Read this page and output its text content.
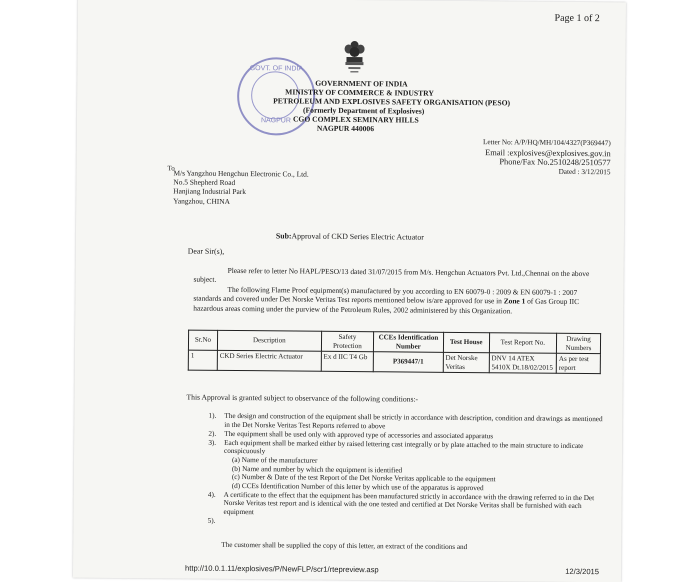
Page 1 of 2
GOVT. OF INDIA
NAGPUR
GOVERNMENT OF INDIA
MINISTRY OF COMMERCE & INDUSTRY
PETROLEUM AND EXPLOSIVES SAFETY ORGANISATION (PESO)
(Formerly Department of Explosives)
CGO COMPLEX SEMINARY HILLS
NAGPUR 440006
Letter No: A/P/HQ/MH/104/4327(P369447)
Email :explosives@explosives.gov.in
Phone/Fax No.2510248/2510577
Dated : 3/12/2015
To
M/s Yangzhou Hengchun Electronic Co., Ltd.
No.5 Shepherd Road
Hanjiang Industrial Park
Yangzhou, CHINA
Sub:Approval of CKD Series Electric Actuator
Dear Sir(s),
Please refer to letter No HAPL/PESO/13 dated 31/07/2015 from M/s. Hengchun Actuators Pvt. Ltd.,Chennai on the above subject.
The following Flame Proof equipment(s) manufactured by you according to EN 60079-0 : 2009 & EN 60079-1 : 2007 standards and covered under Det Norske Veritas Test reports mentioned below is/are approved for use in Zone 1 of Gas Group IIC hazardous areas coming under the purview of the Petroleum Rules, 2002 administered by this Organization.
Sr.No	Description	Safety Protection	CCEs Identification Number	Test House	Test Report No.	Drawing Numbers
1	CKD Series Electric Actuator	Ex d IIC T4 Gb	P369447/1	Det Norske Veritas	DNV 14 ATEX 5410X Dt.18/02/2015	As per test report
This Approval is granted subject to observance of the following conditions:-
1). The design and construction of the equipment shall be strictly in accordance with description, condition and drawings as mentioned in the Det Norske Veritas Test Reports referred to above
2). The equipment shall be used only with approved type of accessories and associated apparatus
3). Each equipment shall be marked either by raised lettering cast integrally or by plate attached to the main structure to indicate conspicuously
(a) Name of the manufacturer
(b) Name and number by which the equipment is identified
(c) Number & Date of the test Report of the Det Norske Veritas applicable to the equipment
(d) CCEs Identification Number of this letter by which use of the apparatus is approved
4). A certificate to the effect that the equipment has been manufactured strictly in accordance with the drawing referred to in the Det Norske Veritas test report and is identical with the one tested and certified at Det Norske Veritas shall be furnished with each equipment
5).
The customer shall be supplied the copy of this letter, an extract of the conditions and
http://10.0.1.11/explosives/P/NewFLP/scr1/rtepreview.asp	12/3/2015
